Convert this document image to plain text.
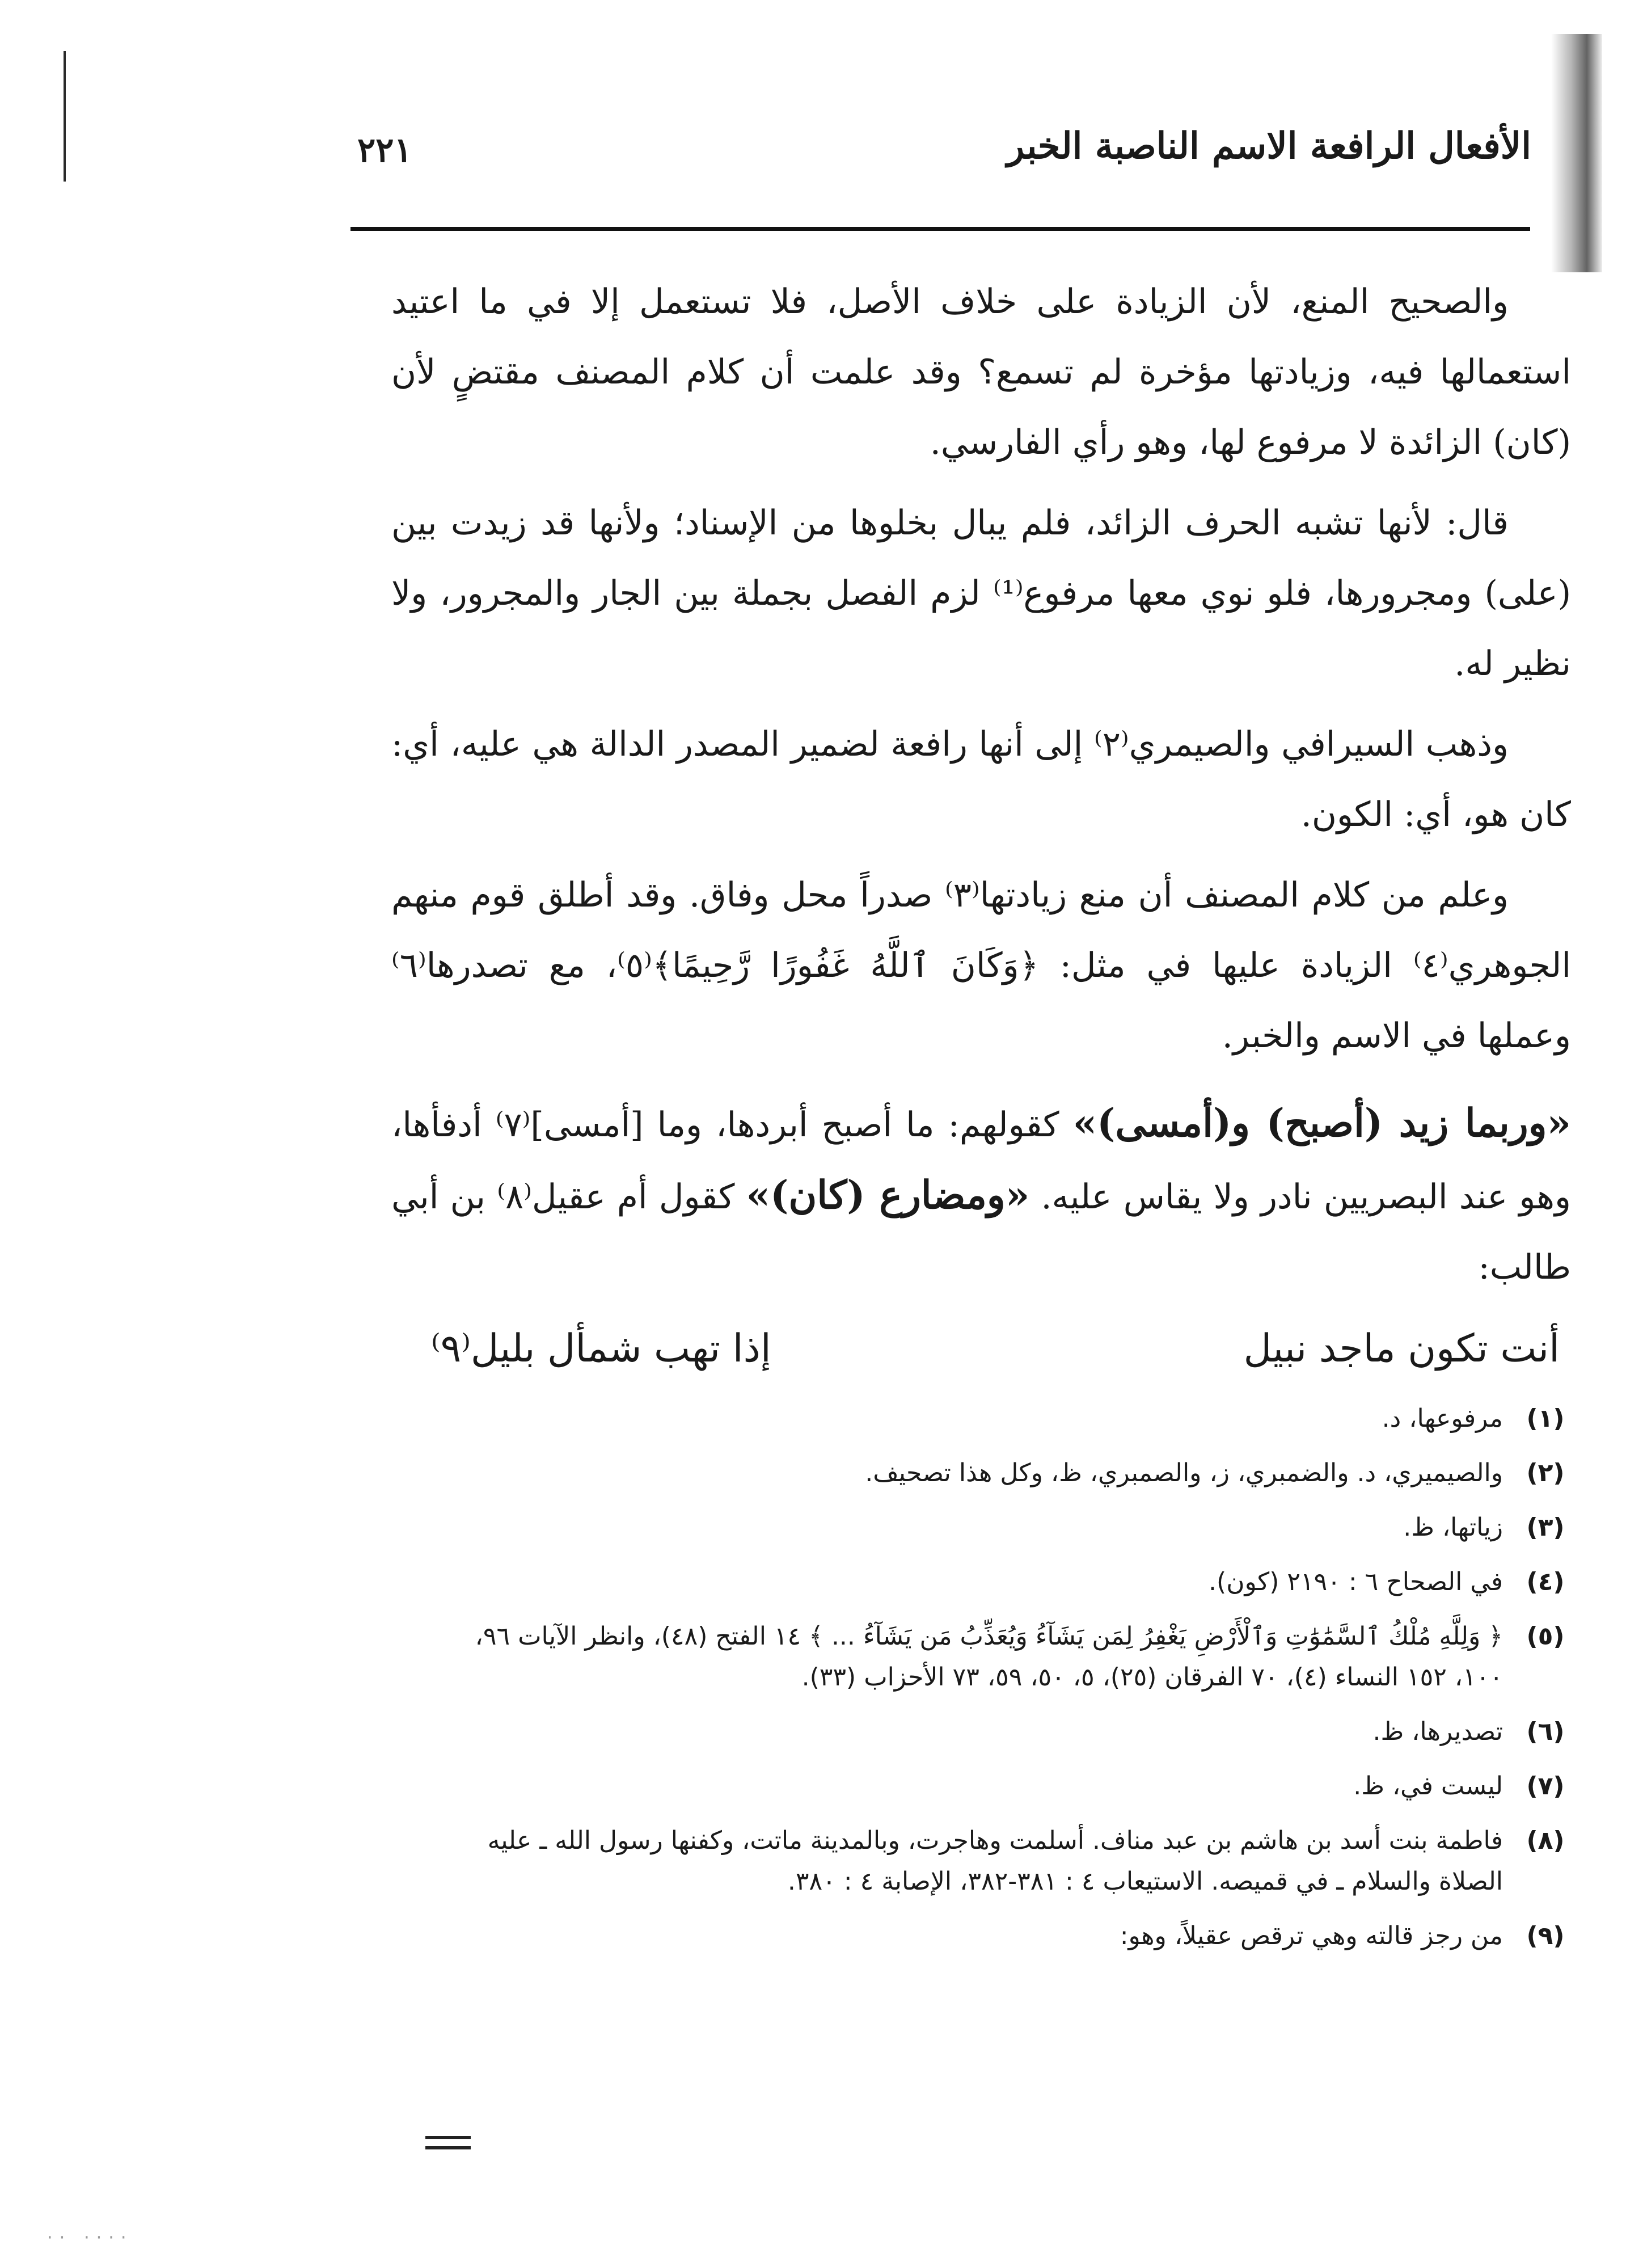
الأفعال الرافعة الاسم الناصبة الخبر
٢٢١

والصحيح المنع، لأن الزيادة على خلاف الأصل، فلا تستعمل إلا في ما اعتيد استعمالها فيه، وزيادتها مؤخرة لم تسمع؟ وقد علمت أن كلام المصنف مقتضٍ لأن (كان) الزائدة لا مرفوع لها، وهو رأي الفارسي.

قال: لأنها تشبه الحرف الزائد، فلم يبال بخلوها من الإسناد؛ ولأنها قد زيدت بين (على) ومجرورها، فلو نوي معها مرفوع⁽¹⁾ لزم الفصل بجملة بين الجار والمجرور، ولا نظير له.

وذهب السيرافي والصيمري⁽٢⁾ إلى أنها رافعة لضمير المصدر الدالة هي عليه، أي: كان هو، أي: الكون.

وعلم من كلام المصنف أن منع زيادتها⁽٣⁾ صدراً محل وفاق. وقد أطلق قوم منهم الجوهري⁽٤⁾ الزيادة عليها في مثل: ﴿وَكَانَ ٱللَّهُ غَفُورًا رَّحِيمًا﴾⁽٥⁾، مع تصدرها⁽٦⁾ وعملها في الاسم والخبر.

«وربما زيد (أصبح) و(أمسى)» كقولهم: ما أصبح أبردها، وما [أمسى]⁽٧⁾ أدفأها، وهو عند البصريين نادر ولا يقاس عليه. «ومضارع (كان)» كقول أم عقيل⁽٨⁾ بن أبي طالب:

أنت تكون ماجد نبيل
إذا تهب شمأل بليل⁽٩⁾
(١)
مرفوعها، د.
(٢)
والصيميري، د. والضمبري، ز، والصمبري، ظ، وكل هذا تصحيف.
(٣)
زياتها، ظ.
(٤)
في الصحاح ٦ : ٢١٩٠ (كون).
(٥)
﴿ وَلِلَّهِ مُلْكُ ٱلسَّمَٰوَٰتِ وَٱلْأَرْضِ يَغْفِرُ لِمَن يَشَآءُ وَيُعَذِّبُ مَن يَشَآءُ ... ﴾ ١٤ الفتح (٤٨)، وانظر الآيات ٩٦، ١٠٠، ١٥٢ النساء (٤)، ٧٠ الفرقان (٢٥)، ٥، ٥٠، ٥٩، ٧٣ الأحزاب (٣٣).
(٦)
تصديرها، ظ.
(٧)
ليست في، ظ.
(٨)
فاطمة بنت أسد بن هاشم بن عبد مناف. أسلمت وهاجرت، وبالمدينة ماتت، وكفنها رسول الله ـ عليه الصلاة والسلام ـ في قميصه. الاستيعاب ٤ : ٣٨١-٣٨٢، الإصابة ٤ : ٣٨٠.
(٩)
من رجز قالته وهي ترقص عقيلاً، وهو:
·· ····
